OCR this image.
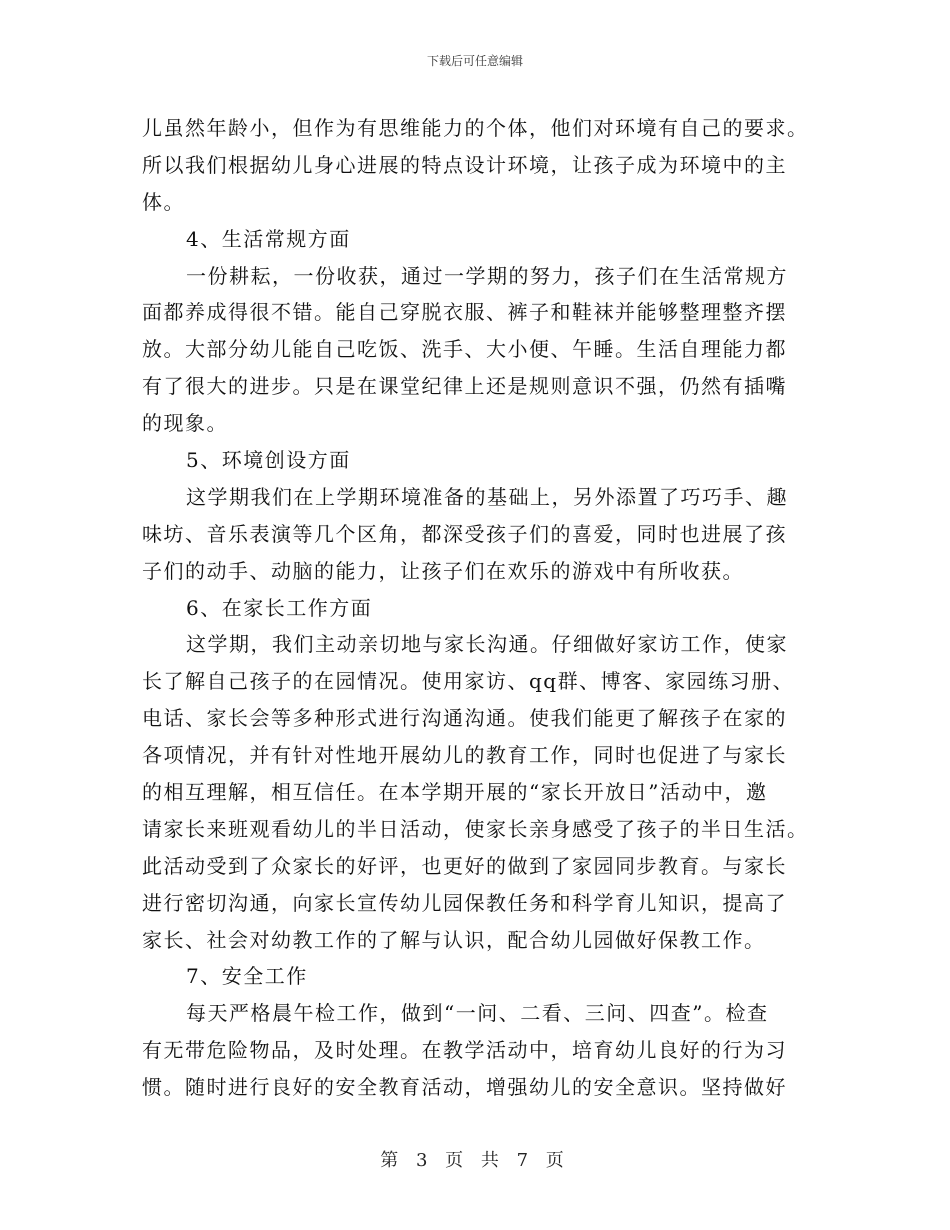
下载后可任意编辑
儿虽然年龄小，但作为有思维能力的个体，他们对环境有自己的要求。
所以我们根据幼儿身心进展的特点设计环境，让孩子成为环境中的主
体。
4、生活常规方面
一份耕耘，一份收获，通过一学期的努力，孩子们在生活常规方
面都养成得很不错。能自己穿脱衣服、裤子和鞋袜并能够整理整齐摆
放。大部分幼儿能自己吃饭、洗手、大小便、午睡。生活自理能力都
有了很大的进步。只是在课堂纪律上还是规则意识不强，仍然有插嘴
的现象。
5、环境创设方面
这学期我们在上学期环境准备的基础上，另外添置了巧巧手、趣
味坊、音乐表演等几个区角，都深受孩子们的喜爱，同时也进展了孩
子们的动手、动脑的能力，让孩子们在欢乐的游戏中有所收获。
6、在家长工作方面
这学期，我们主动亲切地与家长沟通。仔细做好家访工作，使家
长了解自己孩子的在园情况。使用家访、qq群、博客、家园练习册、
电话、家长会等多种形式进行沟通沟通。使我们能更了解孩子在家的
各项情况，并有针对性地开展幼儿的教育工作，同时也促进了与家长
的相互理解，相互信任。在本学期开展的“家长开放日”活动中，邀
请家长来班观看幼儿的半日活动，使家长亲身感受了孩子的半日生活。
此活动受到了众家长的好评，也更好的做到了家园同步教育。与家长
进行密切沟通，向家长宣传幼儿园保教任务和科学育儿知识，提高了
家长、社会对幼教工作的了解与认识，配合幼儿园做好保教工作。
7、安全工作
每天严格晨午检工作，做到“一问、二看、三问、四查”。检查
有无带危险物品，及时处理。在教学活动中，培育幼儿良好的行为习
惯。随时进行良好的安全教育活动，增强幼儿的安全意识。坚持做好
第 3 页 共 7 页
